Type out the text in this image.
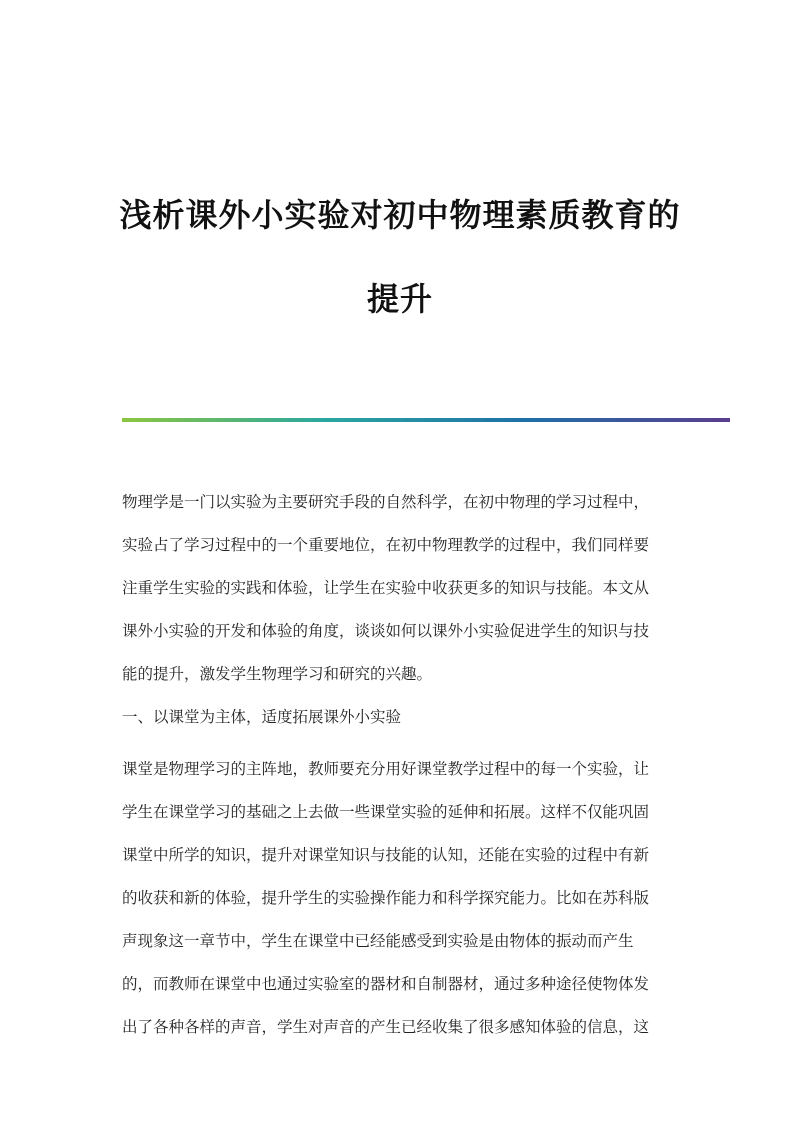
浅析课外小实验对初中物理素质教育的
提升
物理学是一门以实验为主要研究手段的自然科学，在初中物理的学习过程中，
实验占了学习过程中的一个重要地位，在初中物理教学的过程中，我们同样要
注重学生实验的实践和体验，让学生在实验中收获更多的知识与技能。本文从
课外小实验的开发和体验的角度，谈谈如何以课外小实验促进学生的知识与技
能的提升，激发学生物理学习和研究的兴趣。
一、以课堂为主体，适度拓展课外小实验
课堂是物理学习的主阵地，教师要充分用好课堂教学过程中的每一个实验，让
学生在课堂学习的基础之上去做一些课堂实验的延伸和拓展。这样不仅能巩固
课堂中所学的知识，提升对课堂知识与技能的认知，还能在实验的过程中有新
的收获和新的体验，提升学生的实验操作能力和科学探究能力。比如在苏科版
声现象这一章节中，学生在课堂中已经能感受到实验是由物体的振动而产生
的，而教师在课堂中也通过实验室的器材和自制器材，通过多种途径使物体发
出了各种各样的声音，学生对声音的产生已经收集了很多感知体验的信息，这
